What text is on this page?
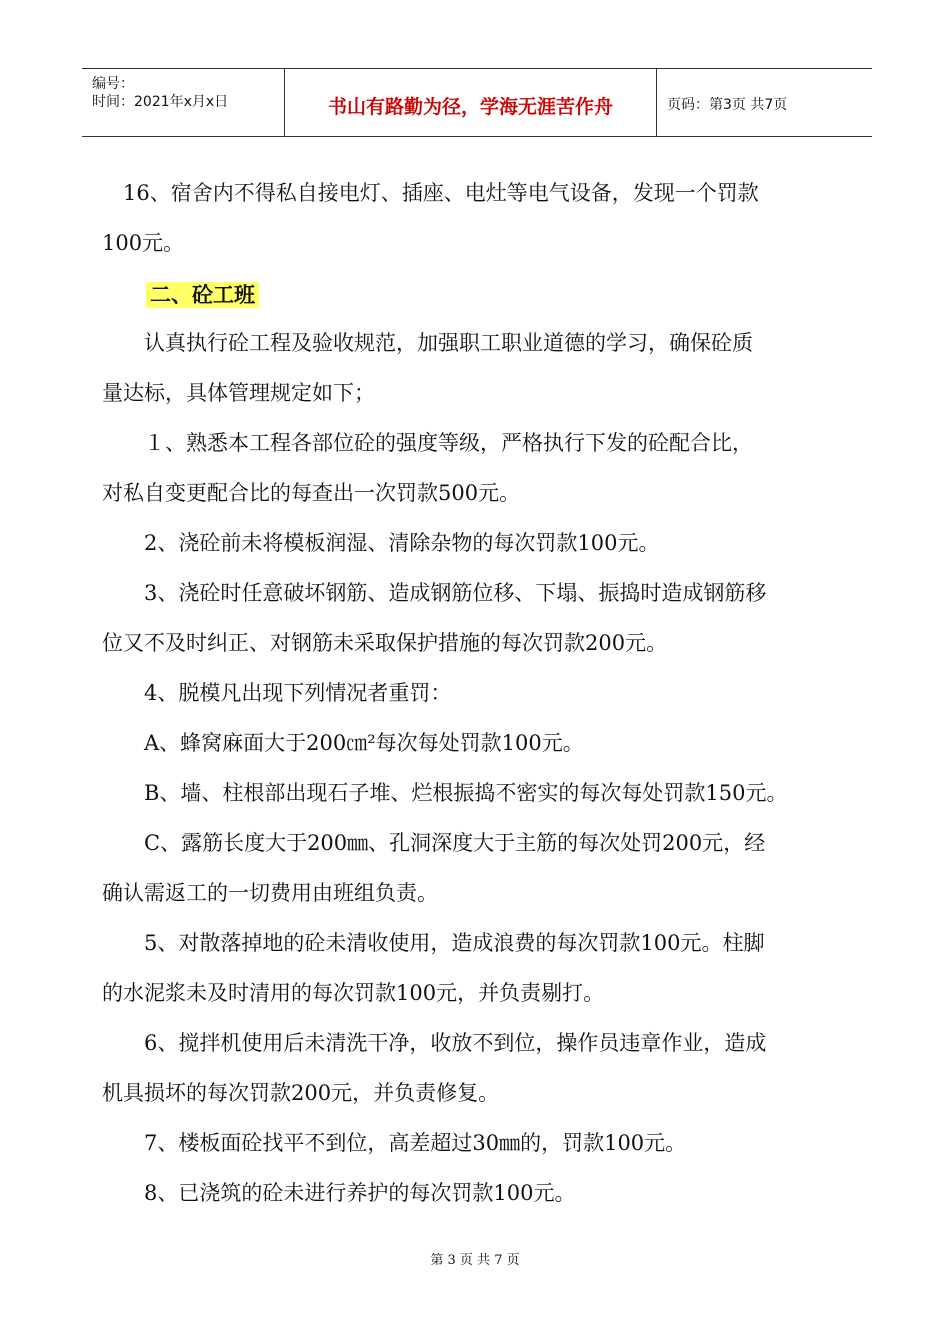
编号：
时间：2021年x月x日	书山有路勤为径，学海无涯苦作舟	页码：第3页 共7页
　16、宿舍内不得私自接电灯、插座、电灶等电气设备，发现一个罚款
100元。
二、砼工班
　　认真执行砼工程及验收规范，加强职工职业道德的学习，确保砼质
量达标，具体管理规定如下；
　　１、熟悉本工程各部位砼的强度等级，严格执行下发的砼配合比，
对私自变更配合比的每查出一次罚款500元。
　　2、浇砼前未将模板润湿、清除杂物的每次罚款100元。
　　3、浇砼时任意破坏钢筋、造成钢筋位移、下塌、振捣时造成钢筋移
位又不及时纠正、对钢筋未采取保护措施的每次罚款200元。
　　4、脱模凡出现下列情况者重罚：
　　A、蜂窝麻面大于200㎝²每次每处罚款100元。
　　B、墙、柱根部出现石子堆、烂根振捣不密实的每次每处罚款150元。
　　C、露筋长度大于200㎜、孔洞深度大于主筋的每次处罚200元，经
确认需返工的一切费用由班组负责。
　　5、对散落掉地的砼未清收使用，造成浪费的每次罚款100元。柱脚
的水泥浆未及时清用的每次罚款100元，并负责剔打。
　　6、搅拌机使用后未清洗干净，收放不到位，操作员违章作业，造成
机具损坏的每次罚款200元，并负责修复。
　　7、楼板面砼找平不到位，高差超过30㎜的，罚款100元。
　　8、已浇筑的砼未进行养护的每次罚款100元。
第 3 页 共 7 页
